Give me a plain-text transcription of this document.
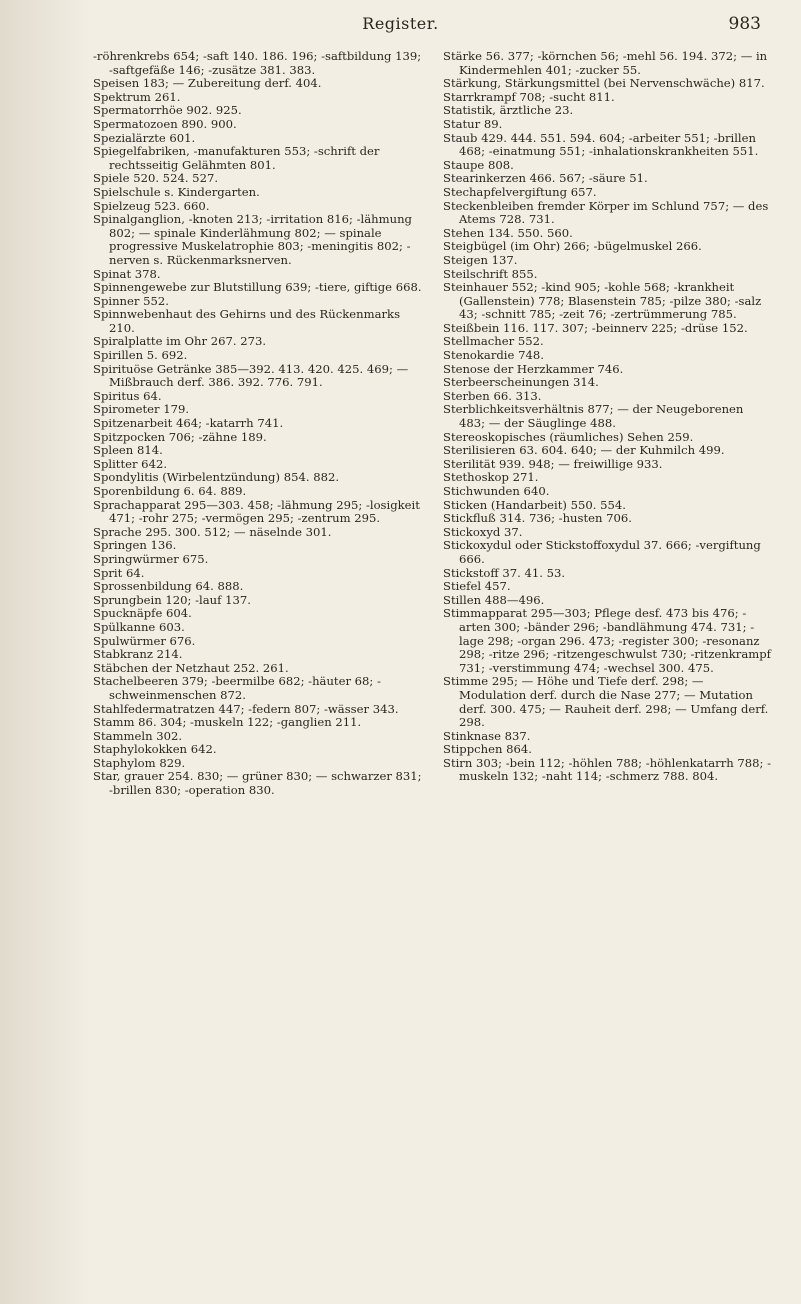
Register.	983

-röhrenkrebs 654; -saft 140. 186. 196; -saftbildung 139; -saftgefäße 146; -zusätze 381. 383.

Speisen 183; — Zubereitung derf. 404.

Spektrum 261.

Spermatorrhöe 902. 925.

Spermatozoen 890. 900.

Spezialärzte 601.

Spiegelfabriken, -manufakturen 553; -schrift der rechtsseitig Gelähmten 801.

Spiele 520. 524. 527.

Spielschule s. Kindergarten.

Spielzeug 523. 660.

Spinalganglion, -knoten 213; -irritation 816; -lähmung 802; — spinale Kinderlähmung 802; — spinale progressive Muskelatrophie 803; -meningitis 802; -nerven s. Rückenmarksnerven.

Spinat 378.

Spinnengewebe zur Blutstillung 639; -tiere, giftige 668.

Spinner 552.

Spinnwebenhaut des Gehirns und des Rückenmarks 210.

Spiralplatte im Ohr 267. 273.

Spirillen 5. 692.

Spirituöse Getränke 385—392. 413. 420. 425. 469; — Mißbrauch derf. 386. 392. 776. 791.

Spiritus 64.

Spirometer 179.

Spitzenarbeit 464; -katarrh 741.

Spitzpocken 706; -zähne 189.

Spleen 814.

Splitter 642.

Spondylitis (Wirbelentzündung) 854. 882.

Sporenbildung 6. 64. 889.

Sprachapparat 295—303. 458; -lähmung 295; -losigkeit 471; -rohr 275; -vermögen 295; -zentrum 295.

Sprache 295. 300. 512; — näselnde 301.

Springen 136.

Springwürmer 675.

Sprit 64.

Sprossenbildung 64. 888.

Sprungbein 120; -lauf 137.

Spucknäpfe 604.

Spülkanne 603.

Spulwürmer 676.

Stabkranz 214.

Stäbchen der Netzhaut 252. 261.

Stachelbeeren 379; -beermilbe 682; -häuter 68; -schweinmenschen 872.

Stahlfedermatratzen 447; -federn 807; -wässer 343.

Stamm 86. 304; -muskeln 122; -ganglien 211.

Stammeln 302.

Staphylokokken 642.

Staphylom 829.

Star, grauer 254. 830; — grüner 830; — schwarzer 831; -brillen 830; -operation 830.

Stärke 56. 377; -körnchen 56; -mehl 56. 194. 372; — in Kindermehlen 401; -zucker 55.

Stärkung, Stärkungsmittel (bei Nervenschwäche) 817.

Starrkrampf 708; -sucht 811.

Statistik, ärztliche 23.

Statur 89.

Staub 429. 444. 551. 594. 604; -arbeiter 551; -brillen 468; -einatmung 551; -inhalationskrankheiten 551.

Staupe 808.

Stearinkerzen 466. 567; -säure 51.

Stechapfelvergiftung 657.

Steckenbleiben fremder Körper im Schlund 757; — des Atems 728. 731.

Stehen 134. 550. 560.

Steigbügel (im Ohr) 266; -bügelmuskel 266.

Steigen 137.

Steilschrift 855.

Steinhauer 552; -kind 905; -kohle 568; -krankheit (Gallenstein) 778; Blasenstein 785; -pilze 380; -salz 43; -schnitt 785; -zeit 76; -zertrümmerung 785.

Steißbein 116. 117. 307; -beinnerv 225; -drüse 152.

Stellmacher 552.

Stenokardie 748.

Stenose der Herzkammer 746.

Sterbeerscheinungen 314.

Sterben 66. 313.

Sterblichkeitsverhältnis 877; — der Neugeborenen 483; — der Säuglinge 488.

Stereoskopisches (räumliches) Sehen 259.

Sterilisieren 63. 604. 640; — der Kuhmilch 499.

Sterilität 939. 948; — freiwillige 933.

Stethoskop 271.

Stichwunden 640.

Sticken (Handarbeit) 550. 554.

Stickfluß 314. 736; -husten 706.

Stickoxyd 37.

Stickoxydul oder Stickstoffoxydul 37. 666; -vergiftung 666.

Stickstoff 37. 41. 53.

Stiefel 457.

Stillen 488—496.

Stimmapparat 295—303; Pflege desf. 473 bis 476; -arten 300; -bänder 296; -bandlähmung 474. 731; -lage 298; -organ 296. 473; -register 300; -resonanz 298; -ritze 296; -ritzengeschwulst 730; -ritzenkrampf 731; -verstimmung 474; -wechsel 300. 475.

Stimme 295; — Höhe und Tiefe derf. 298; — Modulation derf. durch die Nase 277; — Mutation derf. 300. 475; — Rauheit derf. 298; — Umfang derf. 298.

Stinknase 837.

Stippchen 864.

Stirn 303; -bein 112; -höhlen 788; -höhlenkatarrh 788; -muskeln 132; -naht 114; -schmerz 788. 804.
